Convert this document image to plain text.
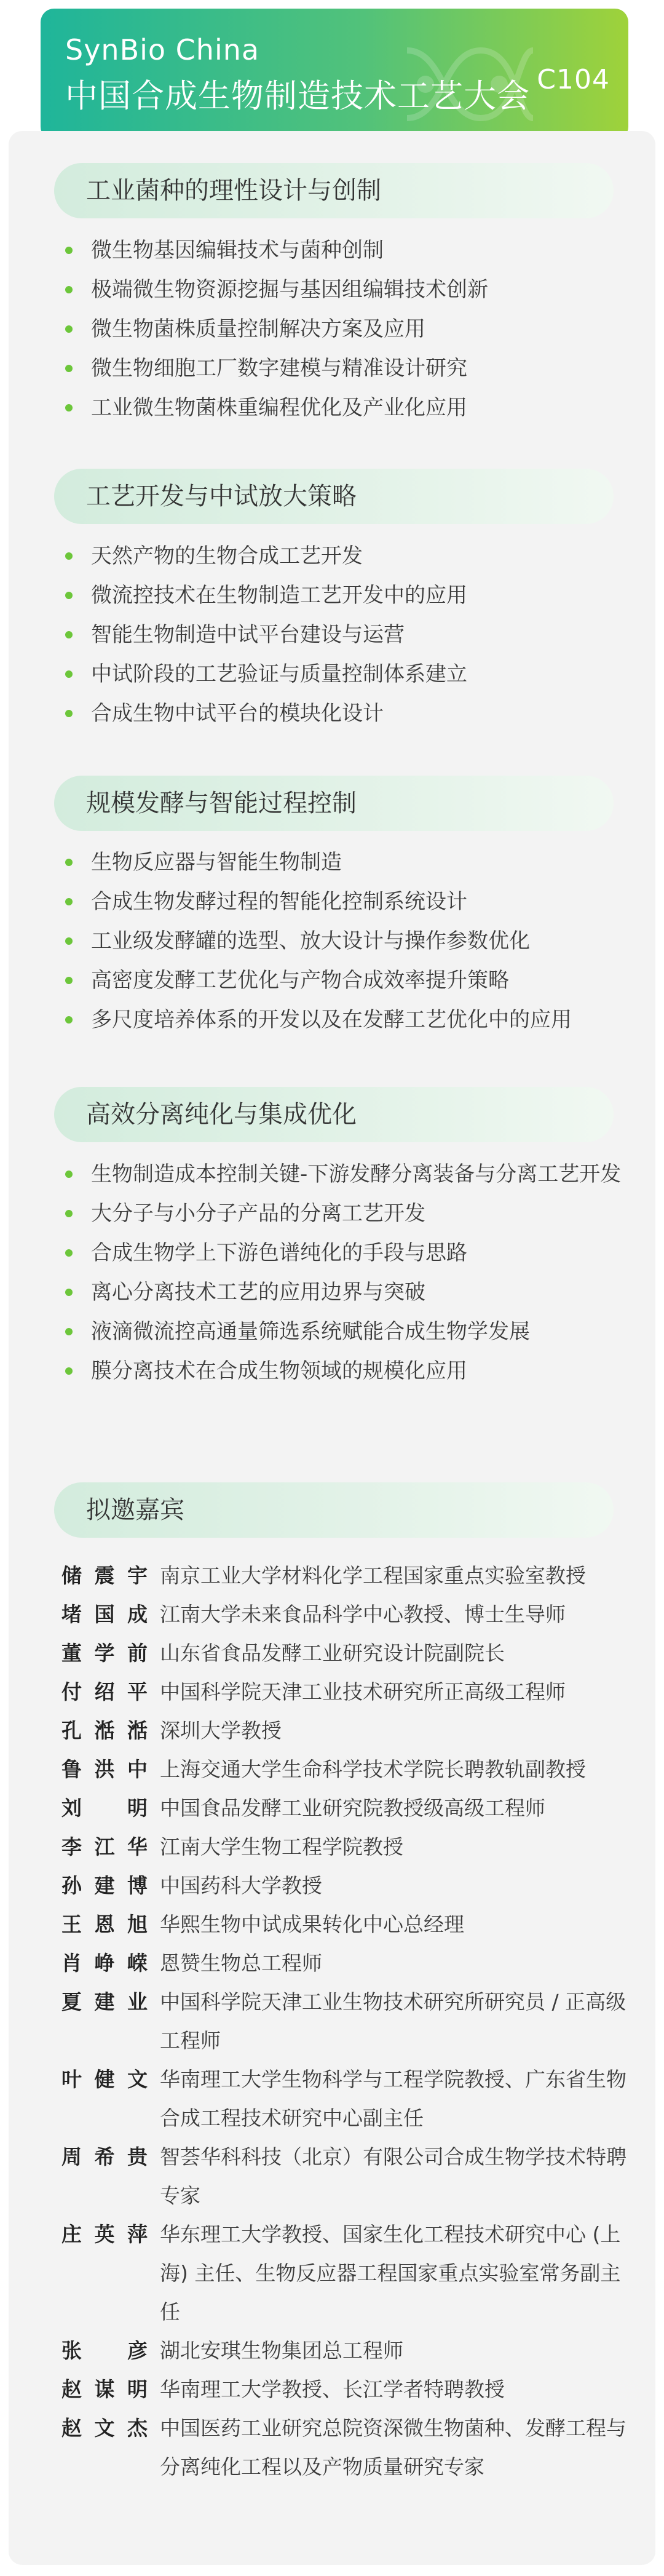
SynBio China
中国合成生物制造技术工艺大会 C104
工业菌种的理性设计与创制
微生物基因编辑技术与菌种创制
极端微生物资源挖掘与基因组编辑技术创新
微生物菌株质量控制解决方案及应用
微生物细胞工厂数字建模与精准设计研究
工业微生物菌株重编程优化及产业化应用
工艺开发与中试放大策略
天然产物的生物合成工艺开发
微流控技术在生物制造工艺开发中的应用
智能生物制造中试平台建设与运营
中试阶段的工艺验证与质量控制体系建立
合成生物中试平台的模块化设计
规模发酵与智能过程控制
生物反应器与智能生物制造
合成生物发酵过程的智能化控制系统设计
工业级发酵罐的选型、放大设计与操作参数优化
高密度发酵工艺优化与产物合成效率提升策略
多尺度培养体系的开发以及在发酵工艺优化中的应用
高效分离纯化与集成优化
生物制造成本控制关键-下游发酵分离装备与分离工艺开发
大分子与小分子产品的分离工艺开发
合成生物学上下游色谱纯化的手段与思路
离心分离技术工艺的应用边界与突破
液滴微流控高通量筛选系统赋能合成生物学发展
膜分离技术在合成生物领域的规模化应用
拟邀嘉宾
储震宇 南京工业大学材料化学工程国家重点实验室教授
堵国成 江南大学未来食品科学中心教授、博士生导师
董学前 山东省食品发酵工业研究设计院副院长
付绍平 中国科学院天津工业技术研究所正高级工程师
孔湉湉 深圳大学教授
鲁洪中 上海交通大学生命科学技术学院长聘教轨副教授
刘明 中国食品发酵工业研究院教授级高级工程师
李江华 江南大学生物工程学院教授
孙建博 中国药科大学教授
王恩旭 华熙生物中试成果转化中心总经理
肖峥嵘 恩赞生物总工程师
夏建业 中国科学院天津工业生物技术研究所研究员 / 正高级工程师
叶健文 华南理工大学生物科学与工程学院教授、广东省生物合成工程技术研究中心副主任
周希贵 智荟华科科技（北京）有限公司合成生物学技术特聘专家
庄英萍 华东理工大学教授、国家生化工程技术研究中心 (上海) 主任、生物反应器工程国家重点实验室常务副主任
张彦 湖北安琪生物集团总工程师
赵谋明 华南理工大学教授、长江学者特聘教授
赵文杰 中国医药工业研究总院资深微生物菌种、发酵工程与分离纯化工程以及产物质量研究专家
